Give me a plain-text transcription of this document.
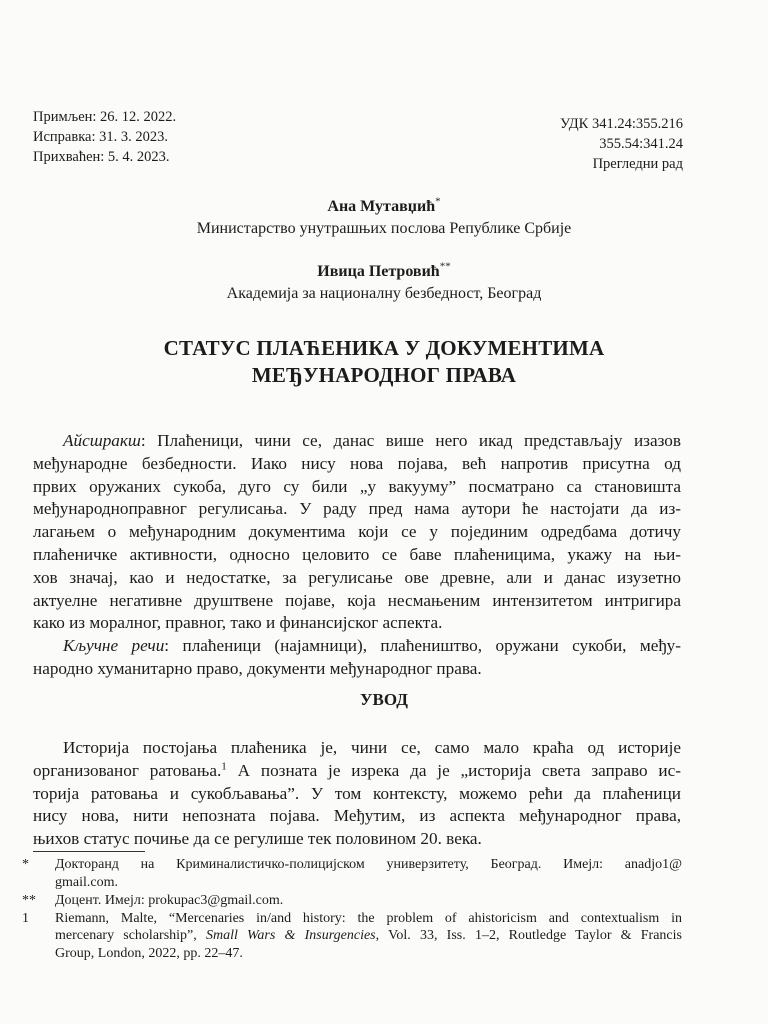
Примљен: 26. 12. 2022.
Исправка: 31. 3. 2023.
Прихваћен: 5. 4. 2023.
УДК 341.24:355.216
355.54:341.24
Прегледни рад
Ана Мутавџић*
Министарство унутрашњих послова Републике Србије
Ивица Петровић**
Академија за националну безбедност, Београд
СТАТУС ПЛАЋЕНИКА У ДОКУМЕНТИМА
МЕЂУНАРОДНОГ ПРАВА
Айсшракш: Плаћеници, чини се, данас више него икад представљају изазов
међународне безбедности. Иако нису нова појава, већ напротив присутна од
првих оружаних сукоба, дуго су били „у вакууму” посматрано са становишта
међународноправног регулисања. У раду пред нама аутори ће настојати да из-
лагањем о међународним документима који се у појединим одредбама дотичу
плаћеничке активности, односно целовито се баве плаћеницима, укажу на њи-
хов значај, као и недостатке, за регулисање ове древне, али и данас изузетно
актуелне негативне друштвене појаве, која несмањеним интензитетом интригира
како из моралног, правног, тако и финансијског аспекта.
Кључне речи: плаћеници (најамници), плаћеништво, оружани сукоби, међу-
народно хуманитарно право, документи међународног права.
УВОД
Историја постојања плаћеника је, чини се, само мало краћа од историје
организованог ратовања.$^1$ А позната је изрека да је „историја света заправо ис-
торија ратовања и сукобљавања”. У том контексту, можемо рећи да плаћеници
нису нова, нити непозната појава. Међутим, из аспекта међународног права,
њихов статус почиње да се регулише тек половином 20. века.
* Докторанд на Криминалистичко-полицијском универзитету, Београд. Имејл: anadjo1@
gmail.com.
** Доцент. Имејл: prokupac3@gmail.com.
1 Riemann, Malte, “Mercenaries in/and history: the problem of ahistoricism and contextualism in
mercenary scholarship”, Small Wars & Insurgencies, Vol. 33, Iss. 1–2, Routledge Taylor & Francis
Group, London, 2022, pp. 22–47.
